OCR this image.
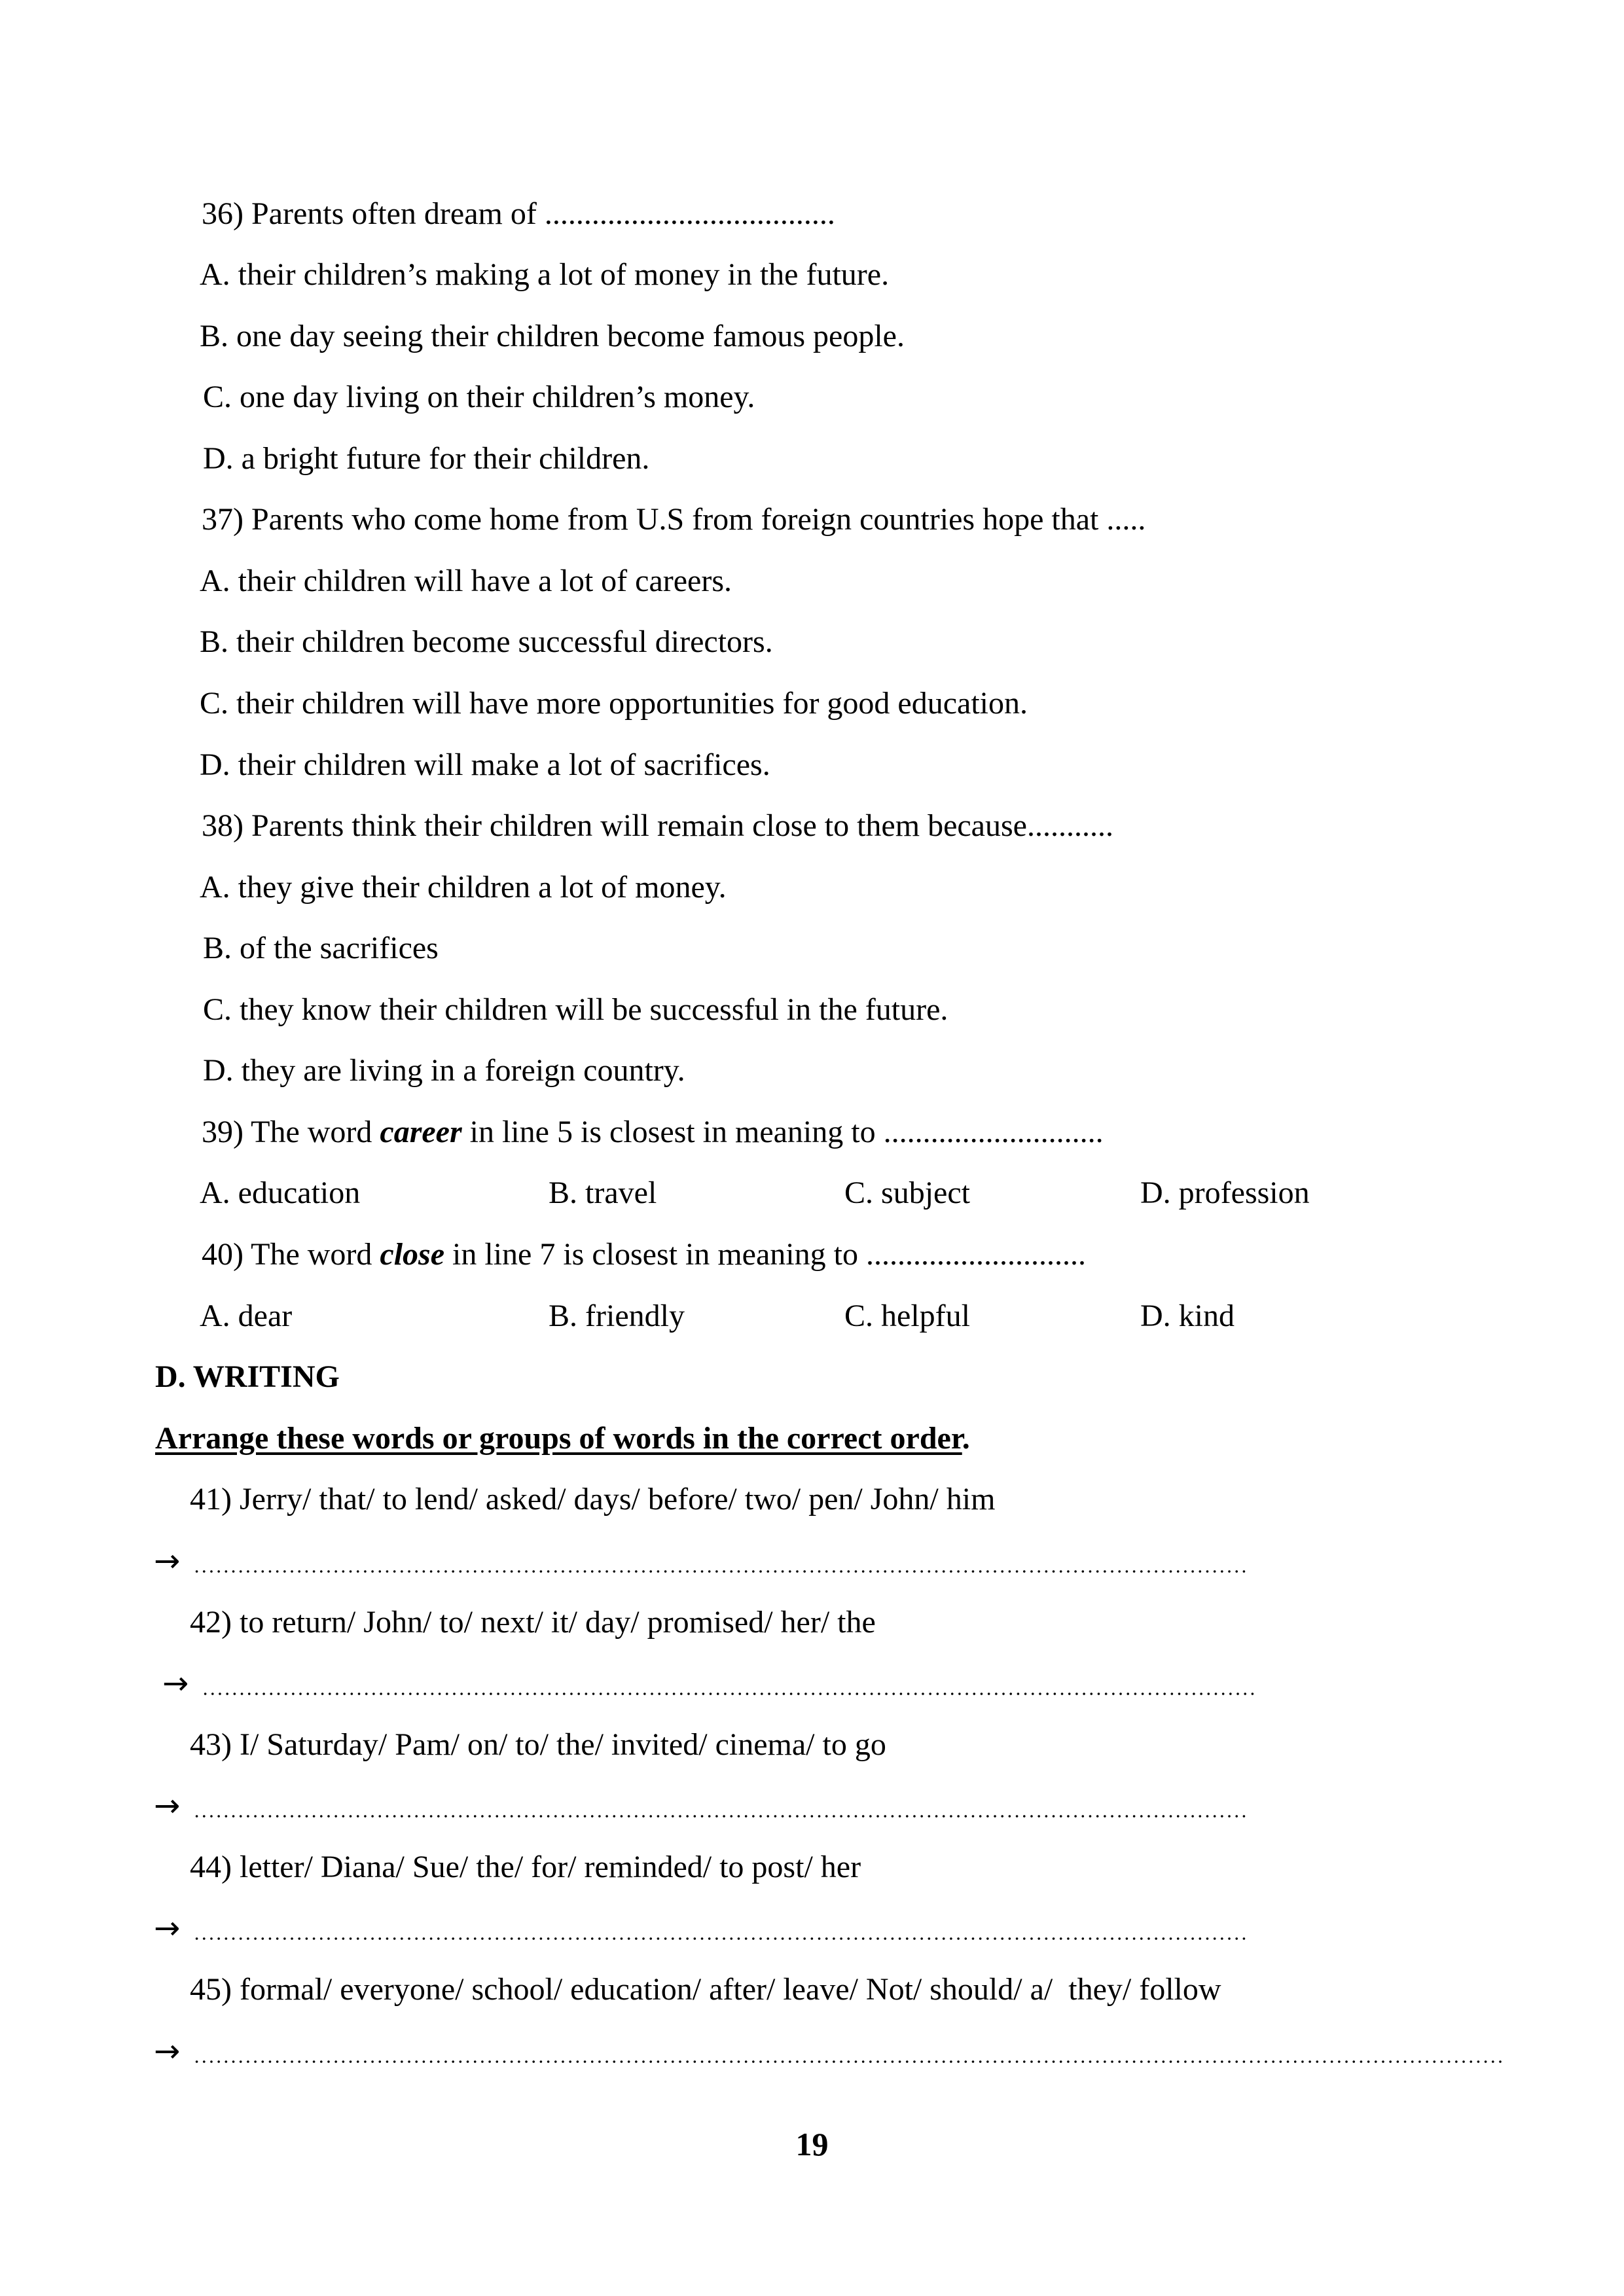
36) Parents often dream of .....................................
A. their children’s making a lot of money in the future.
B. one day seeing their children become famous people.
C. one day living on their children’s money.
D. a bright future for their children.
37) Parents who come home from U.S from foreign countries hope that .....
A. their children will have a lot of careers.
B. their children become successful directors.
C. their children will have more opportunities for good education.
D. their children will make a lot of sacrifices.
38) Parents think their children will remain close to them because...........
A. they give their children a lot of money.
B. of the sacrifices
C. they know their children will be successful in the future.
D. they are living in a foreign country.
39) The word career in line 5 is closest in meaning to ............................
A. education	B. travel	C. subject	D. profession
40) The word close in line 7 is closest in meaning to ............................
A. dear	B. friendly	C. helpful	D. kind
D. WRITING
Arrange these words or groups of words in the correct order.
41) Jerry/ that/ to lend/ asked/ days/ before/ two/ pen/ John/ him
→
42) to return/ John/ to/ next/ it/ day/ promised/ her/ the
→
43) I/ Saturday/ Pam/ on/ to/ the/ invited/ cinema/ to go
→
44) letter/ Diana/ Sue/ the/ for/ reminded/ to post/ her
→
45) formal/ everyone/ school/ education/ after/ leave/ Not/ should/ a/  they/ follow
→
19
